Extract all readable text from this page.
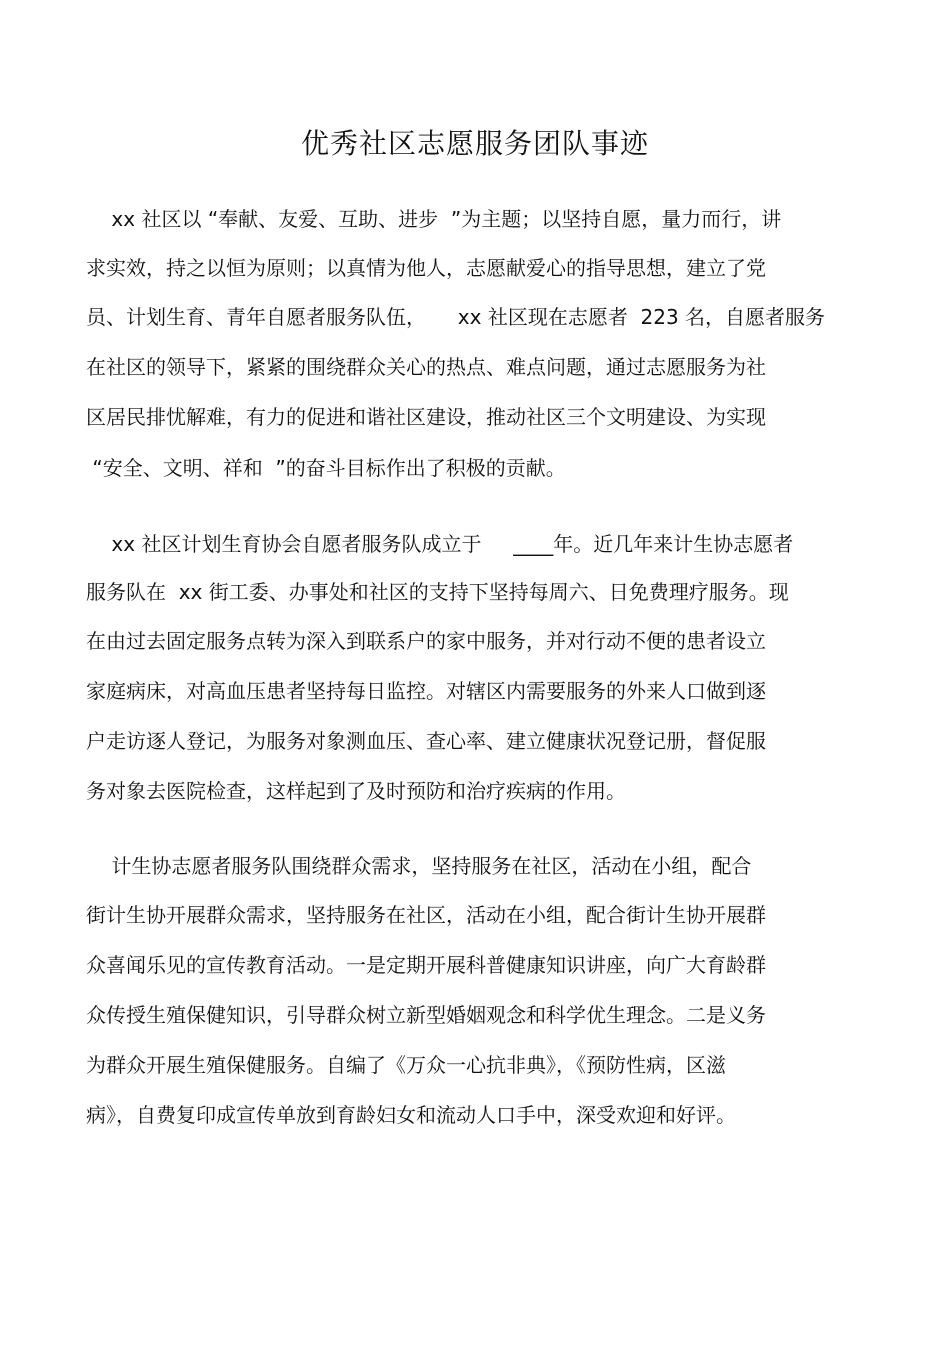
优秀社区志愿服务团队事迹

xx 社区以 “奉献、友爱、互助、进步  ”为主题；以坚持自愿，量力而行，讲

求实效，持之以恒为原则；以真情为他人，志愿献爱心的指导思想，建立了党

员、计划生育、青年自愿者服务队伍，     xx 社区现在志愿者  223 名，自愿者服务

在社区的领导下，紧紧的围绕群众关心的热点、难点问题，通过志愿服务为社

区居民排忧解难，有力的促进和谐社区建设，推动社区三个文明建设、为实现

“安全、文明、祥和  ”的奋斗目标作出了积极的贡献。

xx 社区计划生育协会自愿者服务队成立于     ____年。近几年来计生协志愿者

服务队在  xx 街工委、办事处和社区的支持下坚持每周六、日免费理疗服务。现

在由过去固定服务点转为深入到联系户的家中服务，并对行动不便的患者设立

家庭病床，对高血压患者坚持每日监控。对辖区内需要服务的外来人口做到逐

户走访逐人登记，为服务对象测血压、查心率、建立健康状况登记册，督促服

务对象去医院检查，这样起到了及时预防和治疗疾病的作用。

计生协志愿者服务队围绕群众需求，坚持服务在社区，活动在小组，配合

街计生协开展群众需求，坚持服务在社区，活动在小组，配合街计生协开展群

众喜闻乐见的宣传教育活动。一是定期开展科普健康知识讲座，向广大育龄群

众传授生殖保健知识，引导群众树立新型婚姻观念和科学优生理念。二是义务

为群众开展生殖保健服务。自编了《万众一心抗非典》，《预防性病，区滋

病》，自费复印成宣传单放到育龄妇女和流动人口手中，深受欢迎和好评。
